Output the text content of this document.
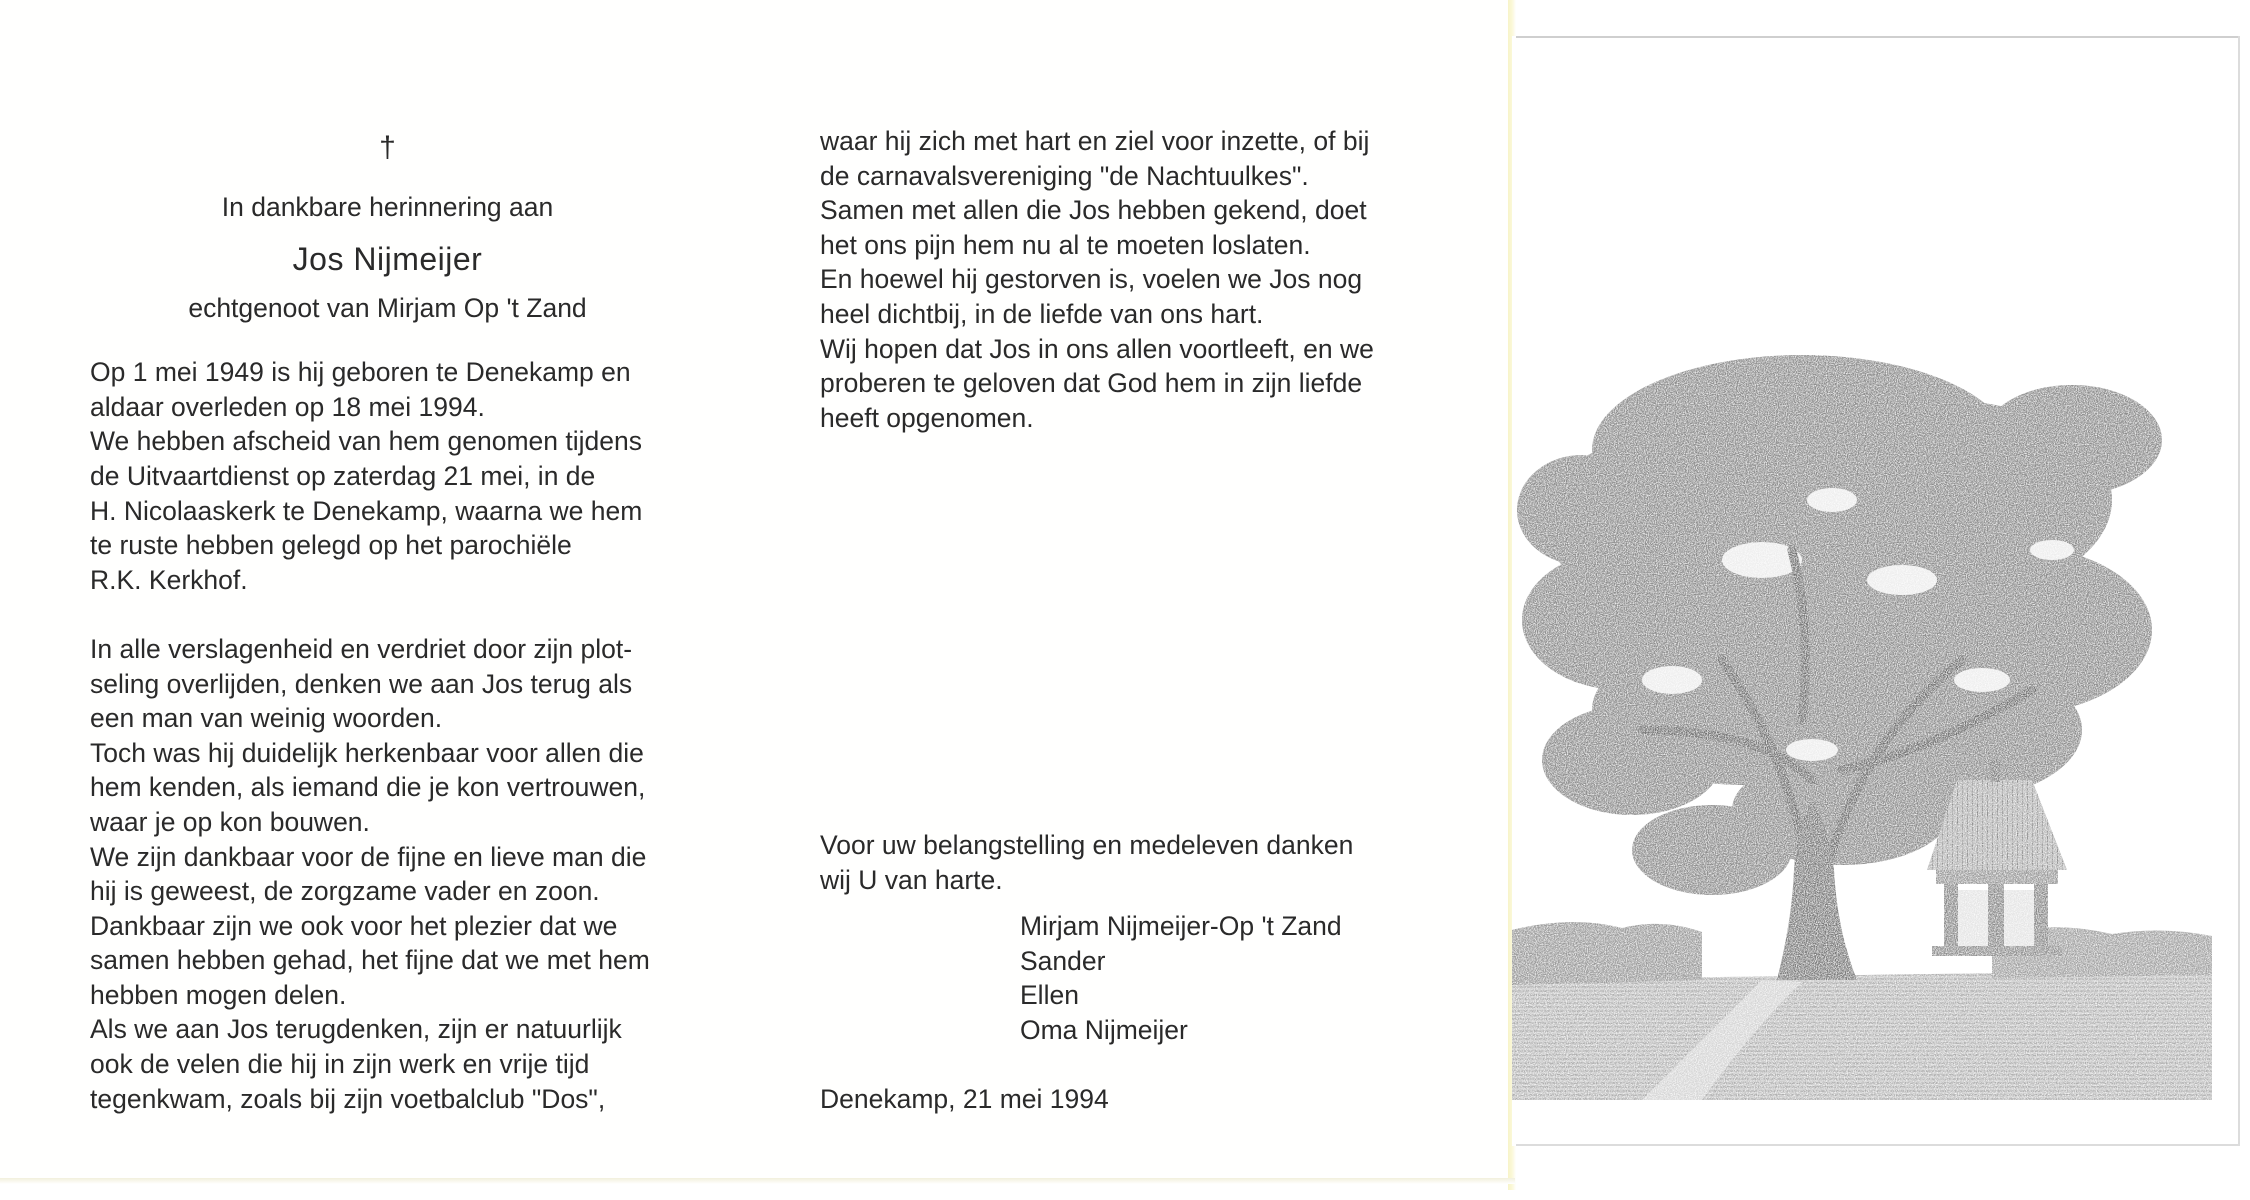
†

In dankbare herinnering aan

Jos Nijmeijer

echtgenoot van Mirjam Op 't Zand

Op 1 mei 1949 is hij geboren te Denekamp en

aldaar overleden op 18 mei 1994.

We hebben afscheid van hem genomen tijdens

de Uitvaartdienst op zaterdag 21 mei, in de

H. Nicolaaskerk te Denekamp, waarna we hem

te ruste hebben gelegd op het parochiële

R.K. Kerkhof.

In alle verslagenheid en verdriet door zijn plot-

seling overlijden, denken we aan Jos terug als

een man van weinig woorden.

Toch was hij duidelijk herkenbaar voor allen die

hem kenden, als iemand die je kon vertrouwen,

waar je op kon bouwen.

We zijn dankbaar voor de fijne en lieve man die

hij is geweest, de zorgzame vader en zoon.

Dankbaar zijn we ook voor het plezier dat we

samen hebben gehad, het fijne dat we met hem

hebben mogen delen.

Als we aan Jos terugdenken, zijn er natuurlijk

ook de velen die hij in zijn werk en vrije tijd

tegenkwam, zoals bij zijn voetbalclub "Dos",

waar hij zich met hart en ziel voor inzette, of bij

de carnavalsvereniging "de Nachtuulkes".

Samen met allen die Jos hebben gekend, doet

het ons pijn hem nu al te moeten loslaten.

En hoewel hij gestorven is, voelen we Jos nog

heel dichtbij, in de liefde van ons hart.

Wij hopen dat Jos in ons allen voortleeft, en we

proberen te geloven dat God hem in zijn liefde

heeft opgenomen.

Voor uw belangstelling en medeleven danken

wij U van harte.

Mirjam Nijmeijer-Op 't Zand

Sander

Ellen

Oma Nijmeijer

Denekamp, 21 mei 1994
